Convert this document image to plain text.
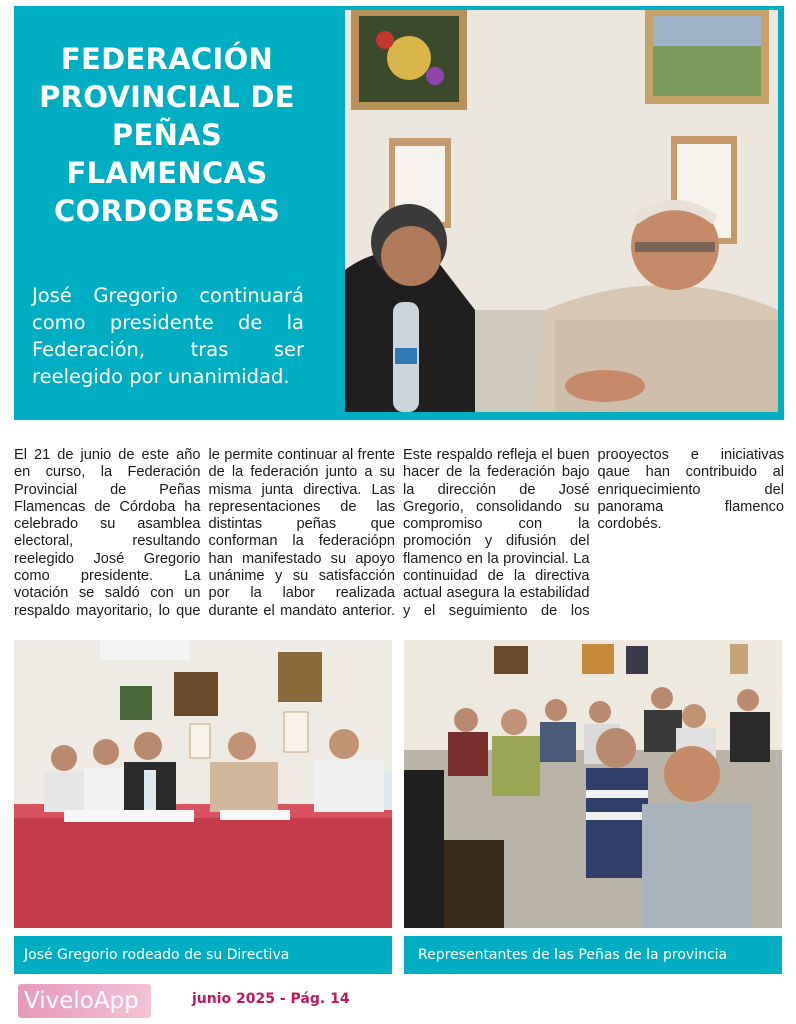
FEDERACIÓN PROVINCIAL DE PEÑAS FLAMENCAS CORDOBESAS
José Gregorio continuará como presidente de la Federación, tras ser reelegido por unanimidad.

El 21 de junio de este año en curso, la Federación Provincial de Peñas Flamencas de Córdoba ha celebrado su asamblea electoral, resultando reelegido José Gregorio como presidente. La votación se saldó con un respaldo mayoritario, lo que le permite continuar al frente de la federación junto a su misma junta directiva. Las representaciones de las distintas peñas que conforman la federacióрn han manifestado su apoyo unánime y su satisfacción por la labor realizada durante el mandato anterior. Este respaldo refleja el buen hacer de la federación bajo la dirección de José Gregorio, consolidando su compromiso con la promoción y difusión del flamenco en la provincial. La continuidad de la directiva actual asegura la estabilidad y el seguimiento de los prooyectos e iniciativas qaue han contribuido al enriquecimiento del panorama flamenco cordobés.

José Gregorio rodeado de su Directiva	Representantes de las Peñas de la provincia
ViveloApp	junio 2025 - Pág. 14
